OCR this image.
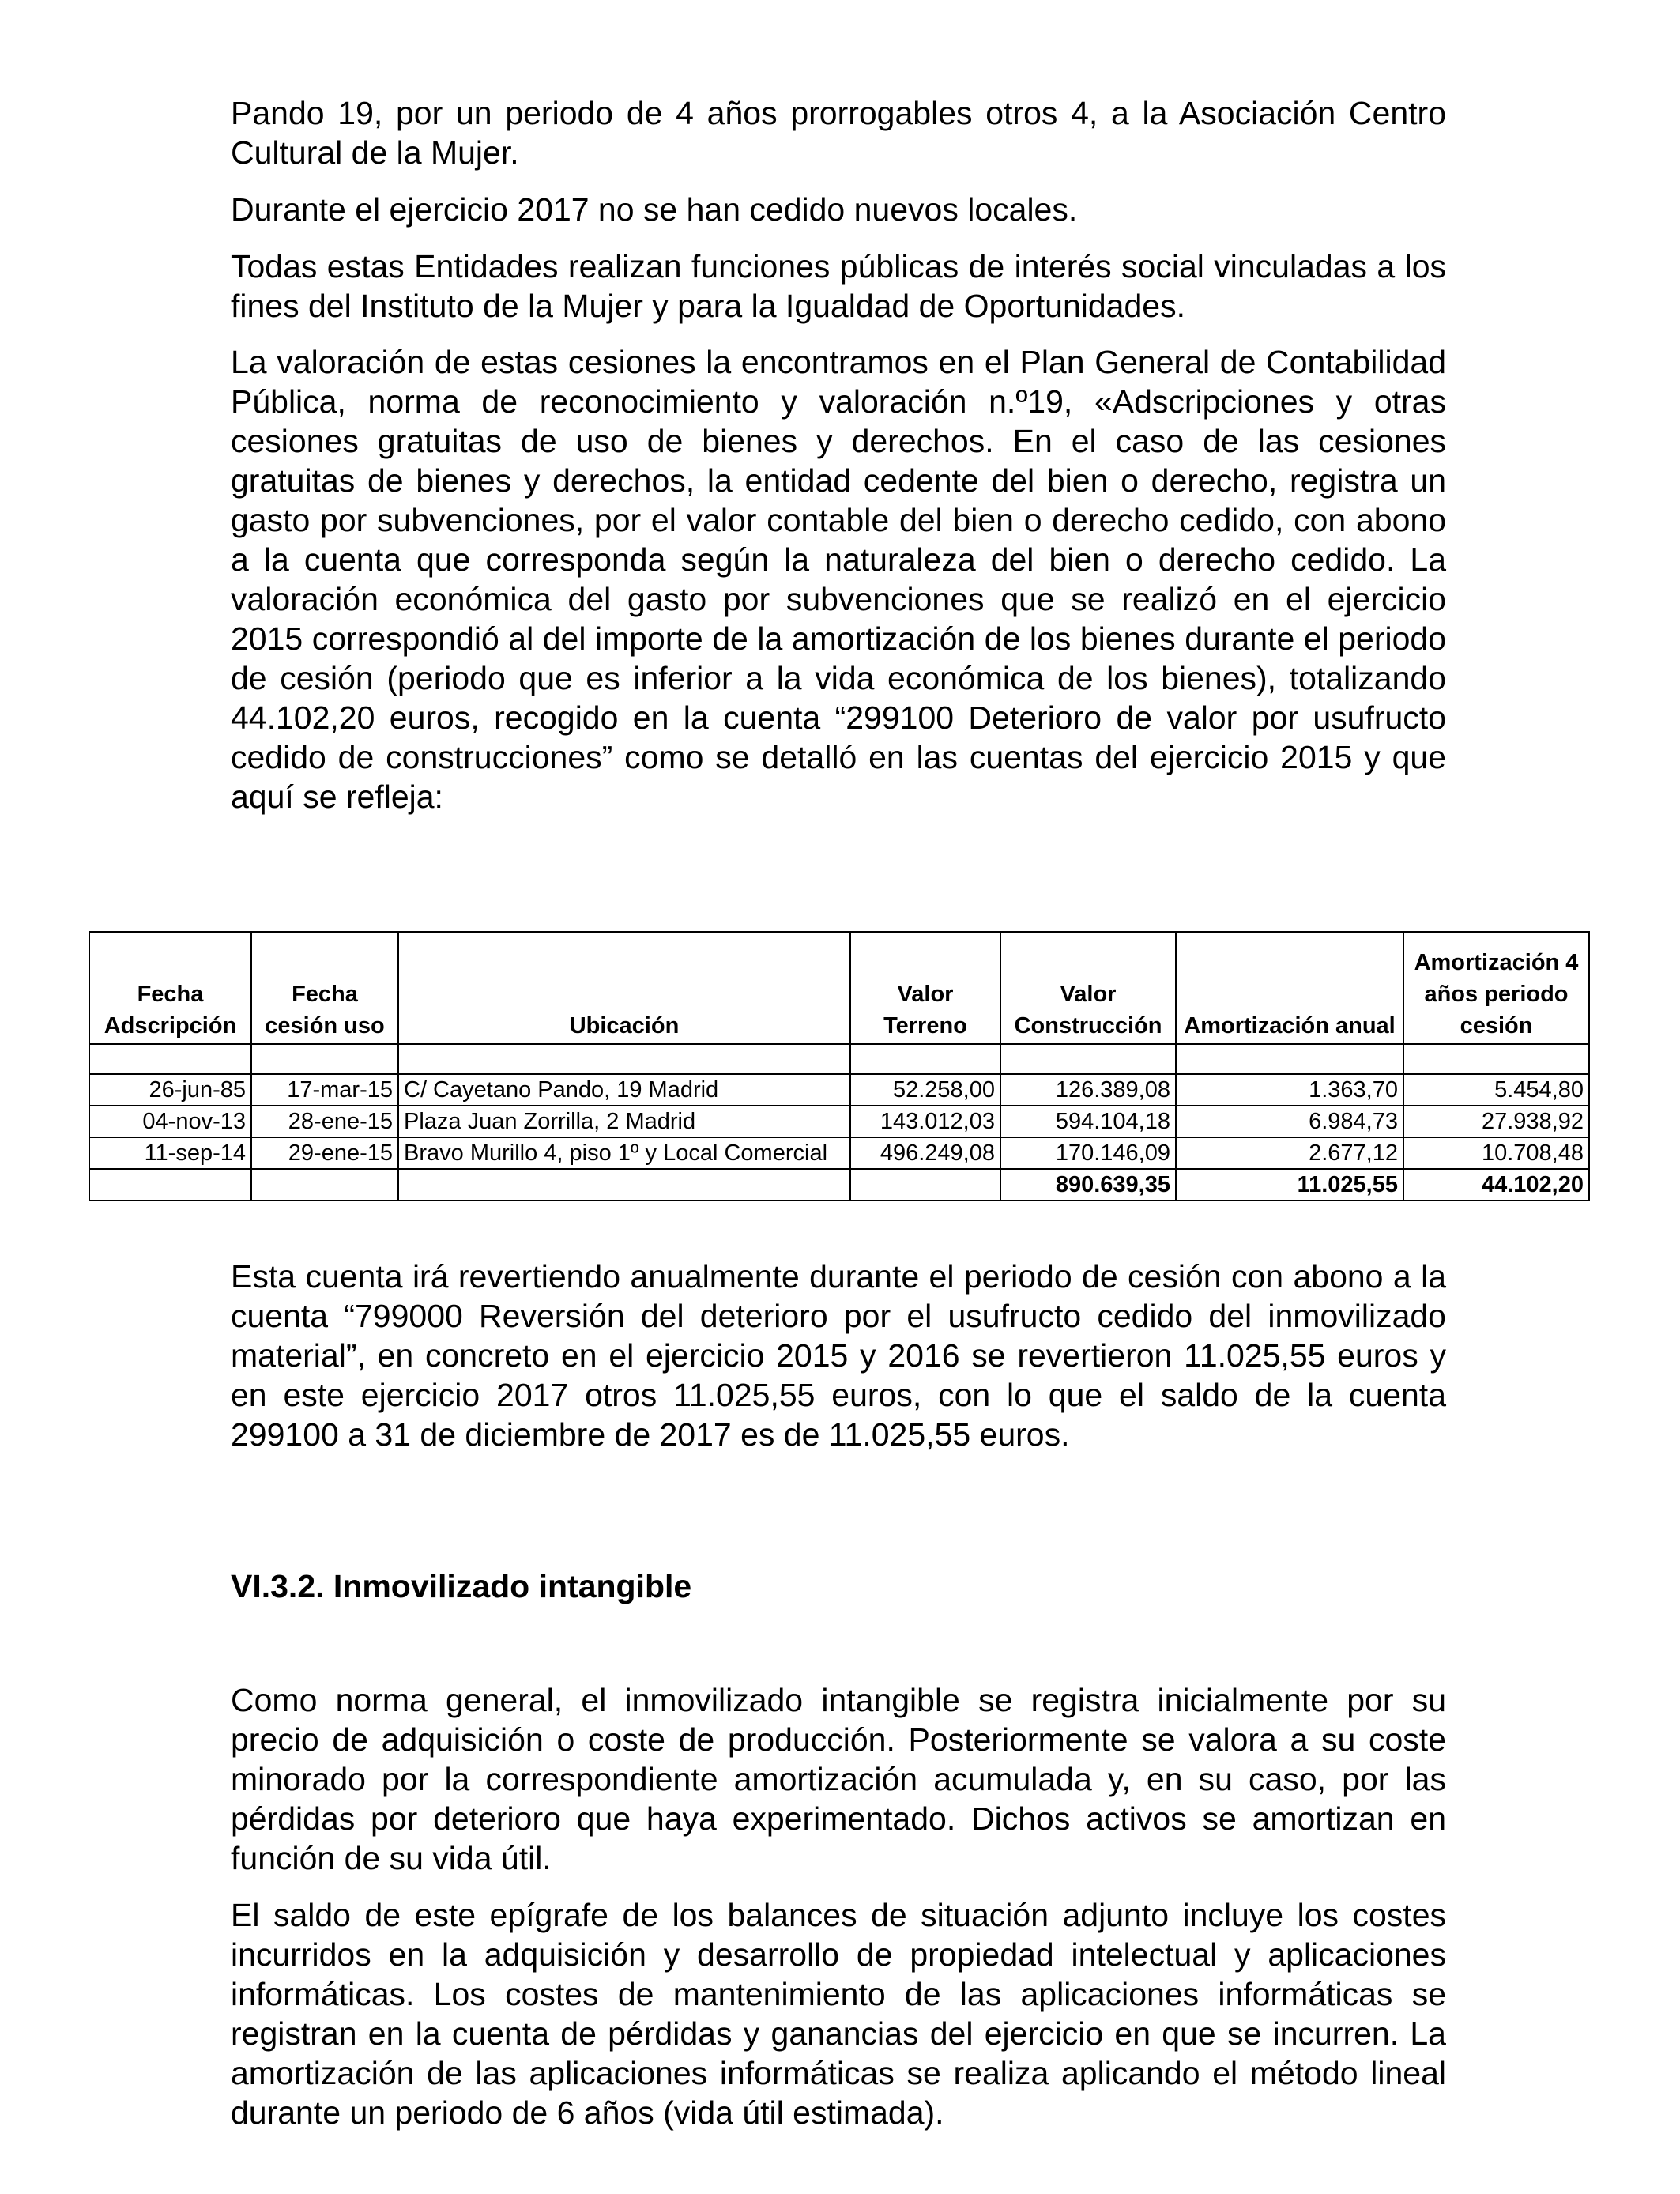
Pando 19, por un periodo de 4 años prorrogables otros 4, a la Asociación Centro Cultural de la Mujer.

Durante el ejercicio 2017 no se han cedido nuevos locales.

Todas estas Entidades realizan funciones públicas de interés social vinculadas a los fines del Instituto de la Mujer y para la Igualdad de Oportunidades.

La valoración de estas cesiones la encontramos en el Plan General de Contabilidad Pública, norma de reconocimiento y valoración n.º19, «Adscripciones y otras cesiones gratuitas de uso de bienes y derechos. En el caso de las cesiones gratuitas de bienes y derechos, la entidad cedente del bien o derecho, registra un gasto por subvenciones, por el valor contable del bien o derecho cedido, con abono a la cuenta que corresponda según la naturaleza del bien o derecho cedido. La valoración económica del gasto por subvenciones que se realizó en el ejercicio 2015 correspondió al del importe de la amortización de los bienes durante el periodo de cesión (periodo que es inferior a la vida económica de los bienes), totalizando 44.102,20 euros, recogido en la cuenta “299100 Deterioro de valor por usufructo cedido de construcciones” como se detalló en las cuentas del ejercicio 2015 y que aquí se refleja:

Fecha Adscripción	Fecha cesión uso	Ubicación	Valor Terreno	Valor Construcción	Amortización anual	Amortización 4 años periodo cesión

26-jun-85	17-mar-15	C/ Cayetano Pando, 19 Madrid	52.258,00	126.389,08	1.363,70	5.454,80
04-nov-13	28-ene-15	Plaza Juan Zorrilla, 2 Madrid	143.012,03	594.104,18	6.984,73	27.938,92
11-sep-14	29-ene-15	Bravo Murillo 4, piso 1º y Local Comercial	496.249,08	170.146,09	2.677,12	10.708,48
				890.639,35	11.025,55	44.102,20

Esta cuenta irá revertiendo anualmente durante el periodo de cesión con abono a la cuenta “799000 Reversión del deterioro por el usufructo cedido del inmovilizado material”, en concreto en el ejercicio 2015 y 2016 se revertieron 11.025,55 euros y en este ejercicio 2017 otros 11.025,55 euros, con lo que el saldo de la cuenta 299100 a 31 de diciembre de 2017 es de 11.025,55 euros.

VI.3.2. Inmovilizado intangible

Como norma general, el inmovilizado intangible se registra inicialmente por su precio de adquisición o coste de producción. Posteriormente se valora a su coste minorado por la correspondiente amortización acumulada y, en su caso, por las pérdidas por deterioro que haya experimentado. Dichos activos se amortizan en función de su vida útil.

El saldo de este epígrafe de los balances de situación adjunto incluye los costes incurridos en la adquisición y desarrollo de propiedad intelectual y aplicaciones informáticas. Los costes de mantenimiento de las aplicaciones informáticas se registran en la cuenta de pérdidas y ganancias del ejercicio en que se incurren. La amortización de las aplicaciones informáticas se realiza aplicando el método lineal durante un periodo de 6 años (vida útil estimada).
